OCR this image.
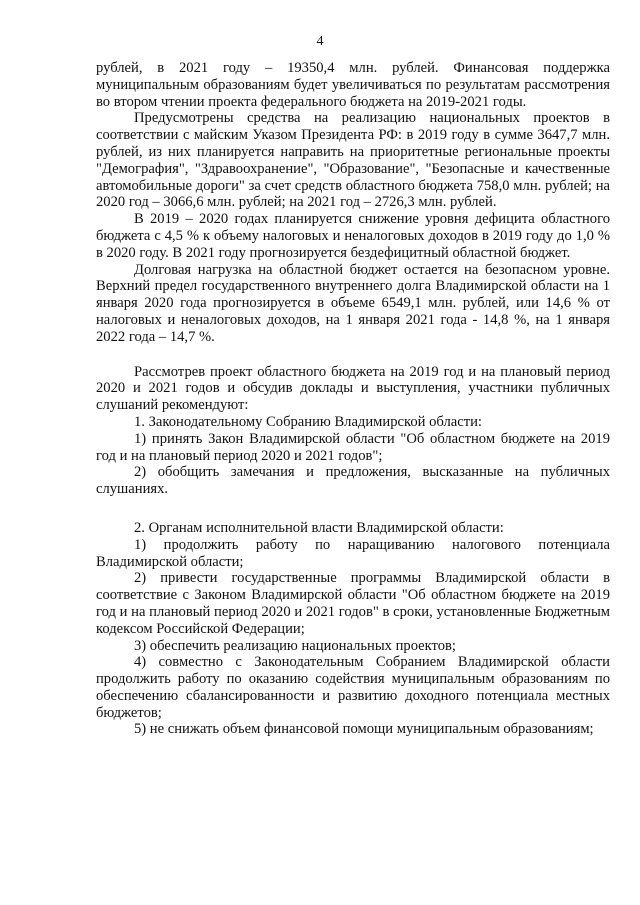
4

рублей, в 2021 году – 19350,4 млн. рублей. Финансовая поддержка муниципальным образованиям будет увеличиваться по результатам рассмотрения во втором чтении проекта федерального бюджета на 2019-2021 годы.

Предусмотрены средства на реализацию национальных проектов в соответствии с майским Указом Президента РФ: в 2019 году в сумме 3647,7 млн. рублей, из них планируется направить на приоритетные региональные проекты "Демография", "Здравоохранение", "Образование", "Безопасные и качественные автомобильные дороги" за счет средств областного бюджета 758,0 млн. рублей; на 2020 год – 3066,6 млн. рублей; на 2021 год – 2726,3 млн. рублей.

В 2019 – 2020 годах планируется снижение уровня дефицита областного бюджета с 4,5 % к объему налоговых и неналоговых доходов в 2019 году до 1,0 % в 2020 году. В 2021 году прогнозируется бездефицитный областной бюджет.

Долговая нагрузка на областной бюджет остается на безопасном уровне. Верхний предел государственного внутреннего долга Владимирской области на 1 января 2020 года прогнозируется в объеме 6549,1 млн. рублей, или 14,6 % от налоговых и неналоговых доходов, на 1 января 2021 года - 14,8 %, на 1 января 2022 года – 14,7 %.

Рассмотрев проект областного бюджета на 2019 год и на плановый период 2020 и 2021 годов и обсудив доклады и выступления, участники публичных слушаний рекомендуют:

1. Законодательному Собранию Владимирской области:

1) принять Закон Владимирской области "Об областном бюджете на 2019 год и на плановый период 2020 и 2021 годов";

2) обобщить замечания и предложения, высказанные на публичных слушаниях.

2. Органам исполнительной власти Владимирской области:

1) продолжить работу по наращиванию налогового потенциала Владимирской области;

2) привести государственные программы Владимирской области в соответствие с Законом Владимирской области "Об областном бюджете на 2019 год и на плановый период 2020 и 2021 годов" в сроки, установленные Бюджетным кодексом Российской Федерации;

3) обеспечить реализацию национальных проектов;

4) совместно с Законодательным Собранием Владимирской области продолжить работу по оказанию содействия муниципальным образованиям по обеспечению сбалансированности и развитию доходного потенциала местных бюджетов;

5) не снижать объем финансовой помощи муниципальным образованиям;
